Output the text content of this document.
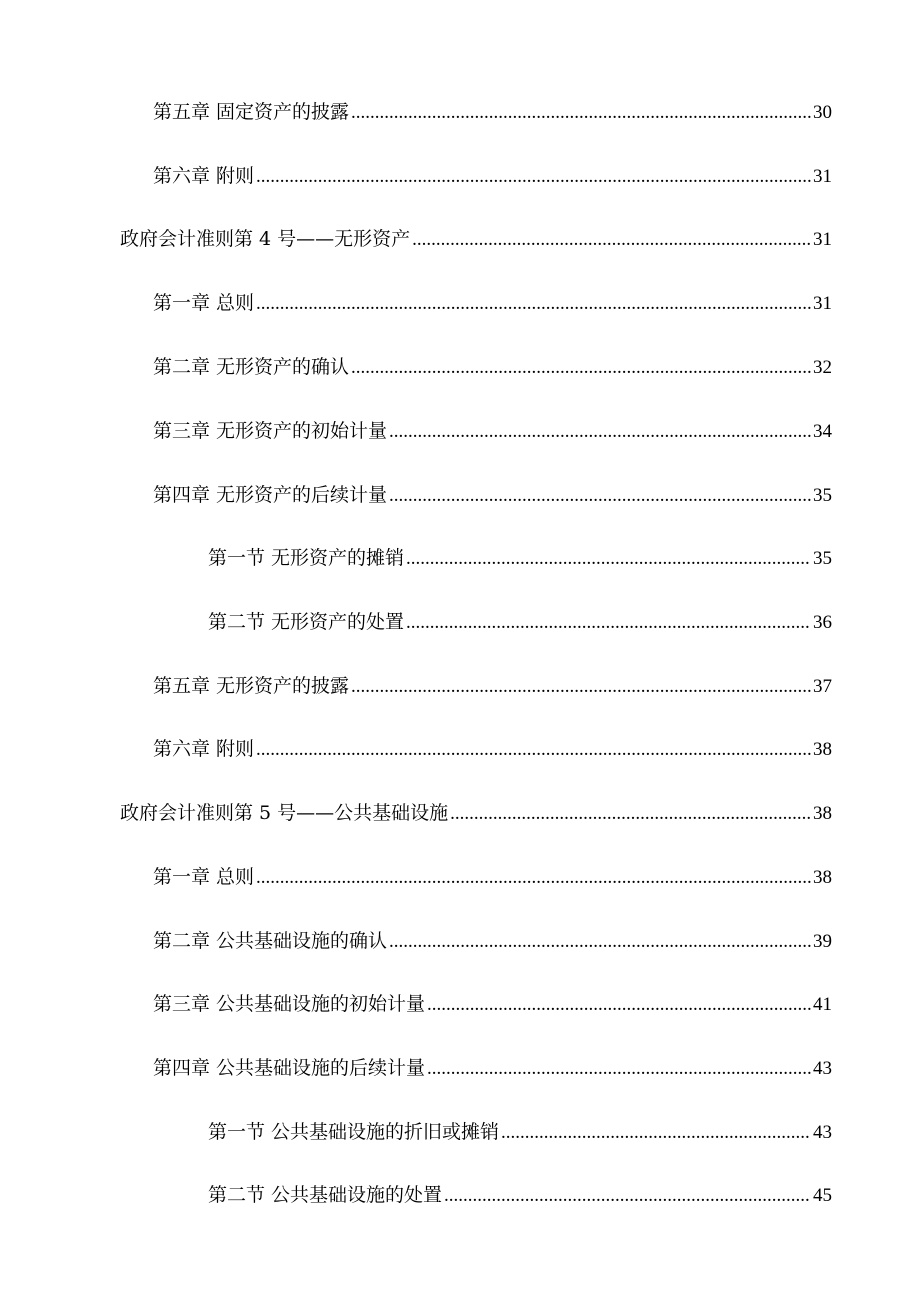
第五章 固定资产的披露 .....	30
第六章 附则 .....	31
政府会计准则第 4 号——无形资产 .....	31
第一章 总则 .....	31
第二章 无形资产的确认 .....	32
第三章 无形资产的初始计量 .....	34
第四章 无形资产的后续计量 .....	35
第一节 无形资产的摊销 .....	35
第二节 无形资产的处置 .....	36
第五章 无形资产的披露 .....	37
第六章 附则 .....	38
政府会计准则第 5 号——公共基础设施 .....	38
第一章 总则 .....	38
第二章 公共基础设施的确认 .....	39
第三章 公共基础设施的初始计量 .....	41
第四章 公共基础设施的后续计量 .....	43
第一节 公共基础设施的折旧或摊销 .....	43
第二节 公共基础设施的处置 .....	45
